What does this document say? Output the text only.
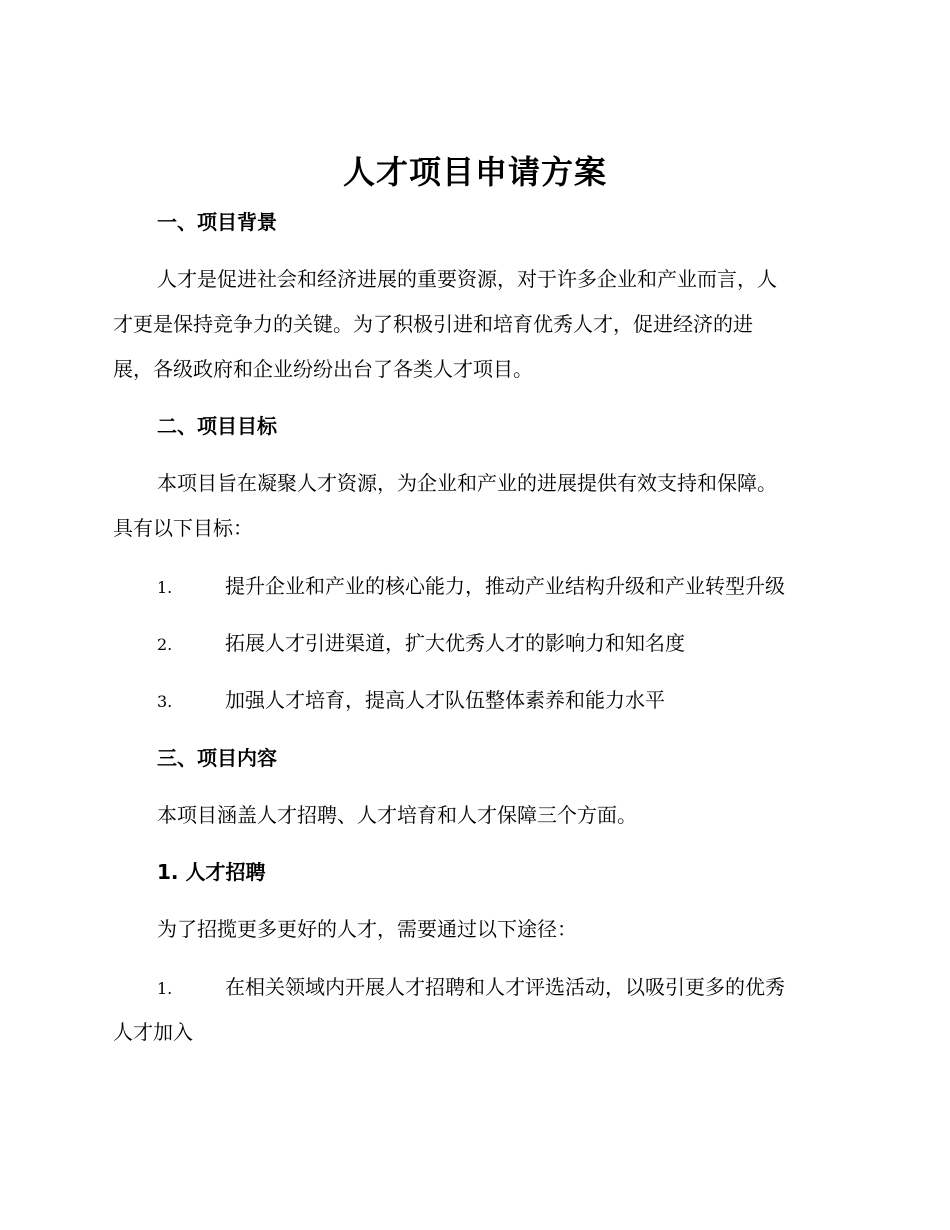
人才项目申请方案
一、项目背景
人才是促进社会和经济进展的重要资源，对于许多企业和产业而言，人
才更是保持竞争力的关键。为了积极引进和培育优秀人才，促进经济的进
展，各级政府和企业纷纷出台了各类人才项目。
二、项目目标
本项目旨在凝聚人才资源，为企业和产业的进展提供有效支持和保障。
具有以下目标：
1.	提升企业和产业的核心能力，推动产业结构升级和产业转型升级
2.	拓展人才引进渠道，扩大优秀人才的影响力和知名度
3.	加强人才培育，提高人才队伍整体素养和能力水平
三、项目内容
本项目涵盖人才招聘、人才培育和人才保障三个方面。
1. 人才招聘
为了招揽更多更好的人才，需要通过以下途径：
1.	在相关领域内开展人才招聘和人才评选活动，以吸引更多的优秀
人才加入
